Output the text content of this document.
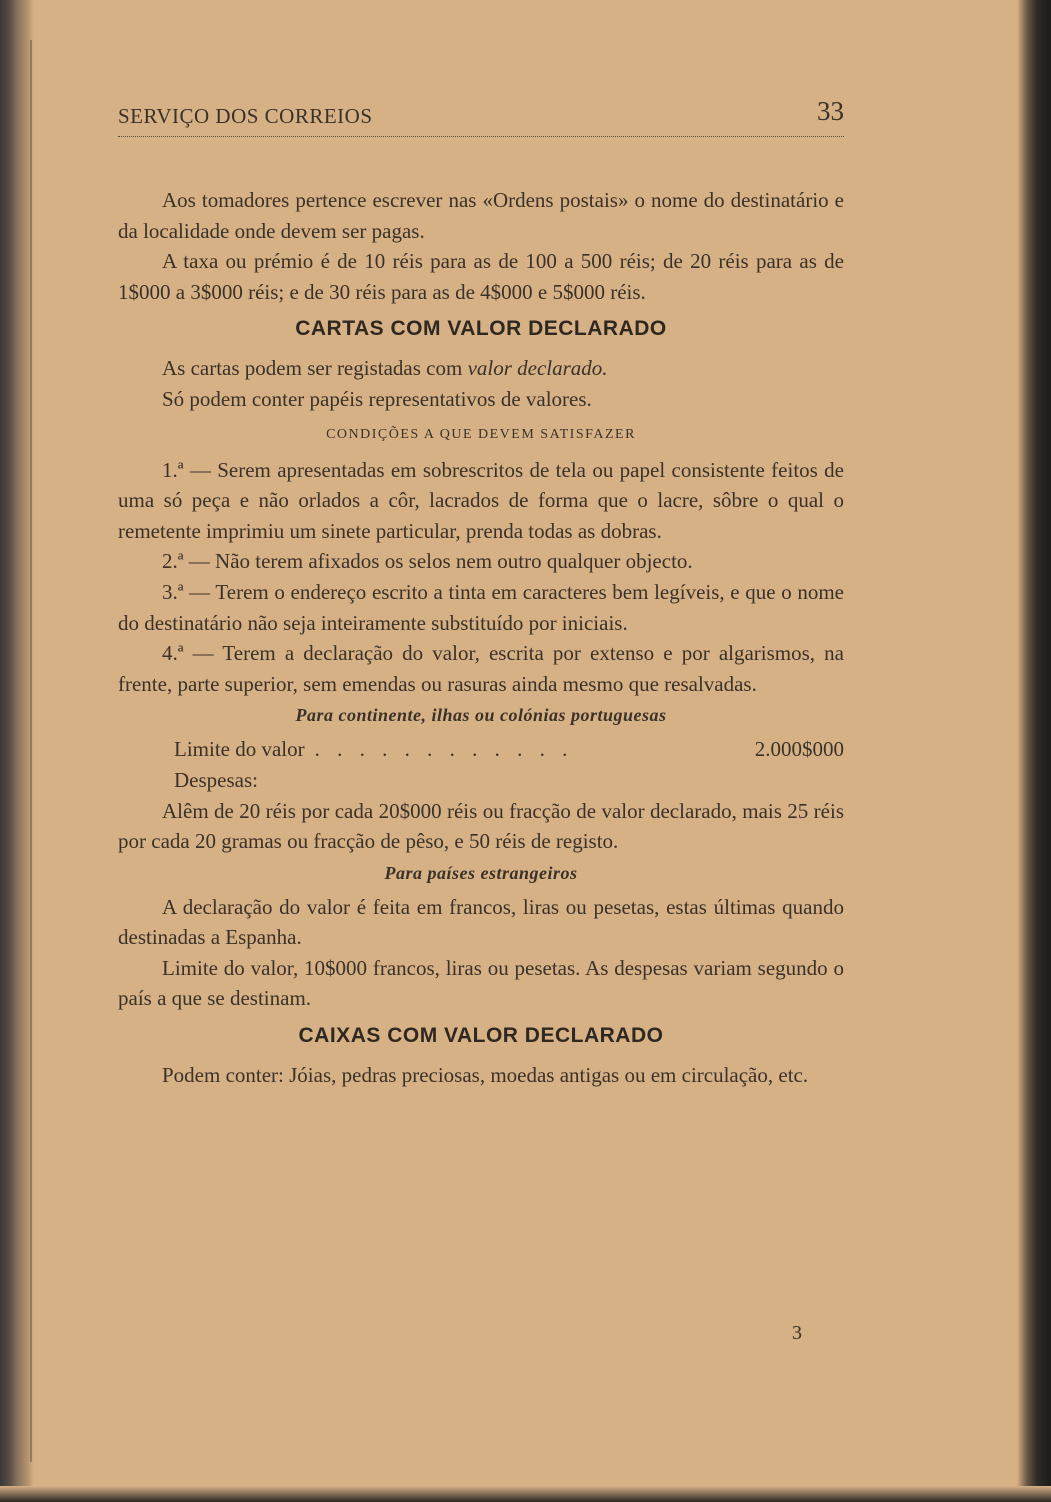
SERVIÇO DOS CORREIOS	33

Aos tomadores pertence escrever nas «Ordens postais» o nome do destinatário e da localidade onde devem ser pagas.

A taxa ou prémio é de 10 réis para as de 100 a 500 réis; de 20 réis para as de 1$000 a 3$000 réis; e de 30 réis para as de 4$000 e 5$000 réis.

CARTAS COM VALOR DECLARADO

As cartas podem ser registadas com valor declarado.

Só podem conter papéis representativos de valores.

CONDIÇÕES A QUE DEVEM SATISFAZER

1.ª — Serem apresentadas em sobrescritos de tela ou papel consistente feitos de uma só peça e não orlados a côr, lacrados de forma que o lacre, sôbre o qual o remetente imprimiu um sinete particular, prenda todas as dobras.

2.ª — Não terem afixados os selos nem outro qualquer objecto.

3.ª — Terem o endereço escrito a tinta em caracteres bem legíveis, e que o nome do destinatário não seja inteiramente substituído por iniciais.

4.ª — Terem a declaração do valor, escrita por extenso e por algarismos, na frente, parte superior, sem emendas ou rasuras ainda mesmo que resalvadas.

Para continente, ilhas ou colónias portuguesas
Limite do valor . . . . . . . . . . . .	2.000$000

Despesas:

Alêm de 20 réis por cada 20$000 réis ou fracção de valor declarado, mais 25 réis por cada 20 gramas ou fracção de pêso, e 50 réis de registo.

Para países estrangeiros

A declaração do valor é feita em francos, liras ou pesetas, estas últimas quando destinadas a Espanha.

Limite do valor, 10$000 francos, liras ou pesetas. As despesas variam segundo o país a que se destinam.

CAIXAS COM VALOR DECLARADO

Podem conter: Jóias, pedras preciosas, moedas antigas ou em circulação, etc.

3
